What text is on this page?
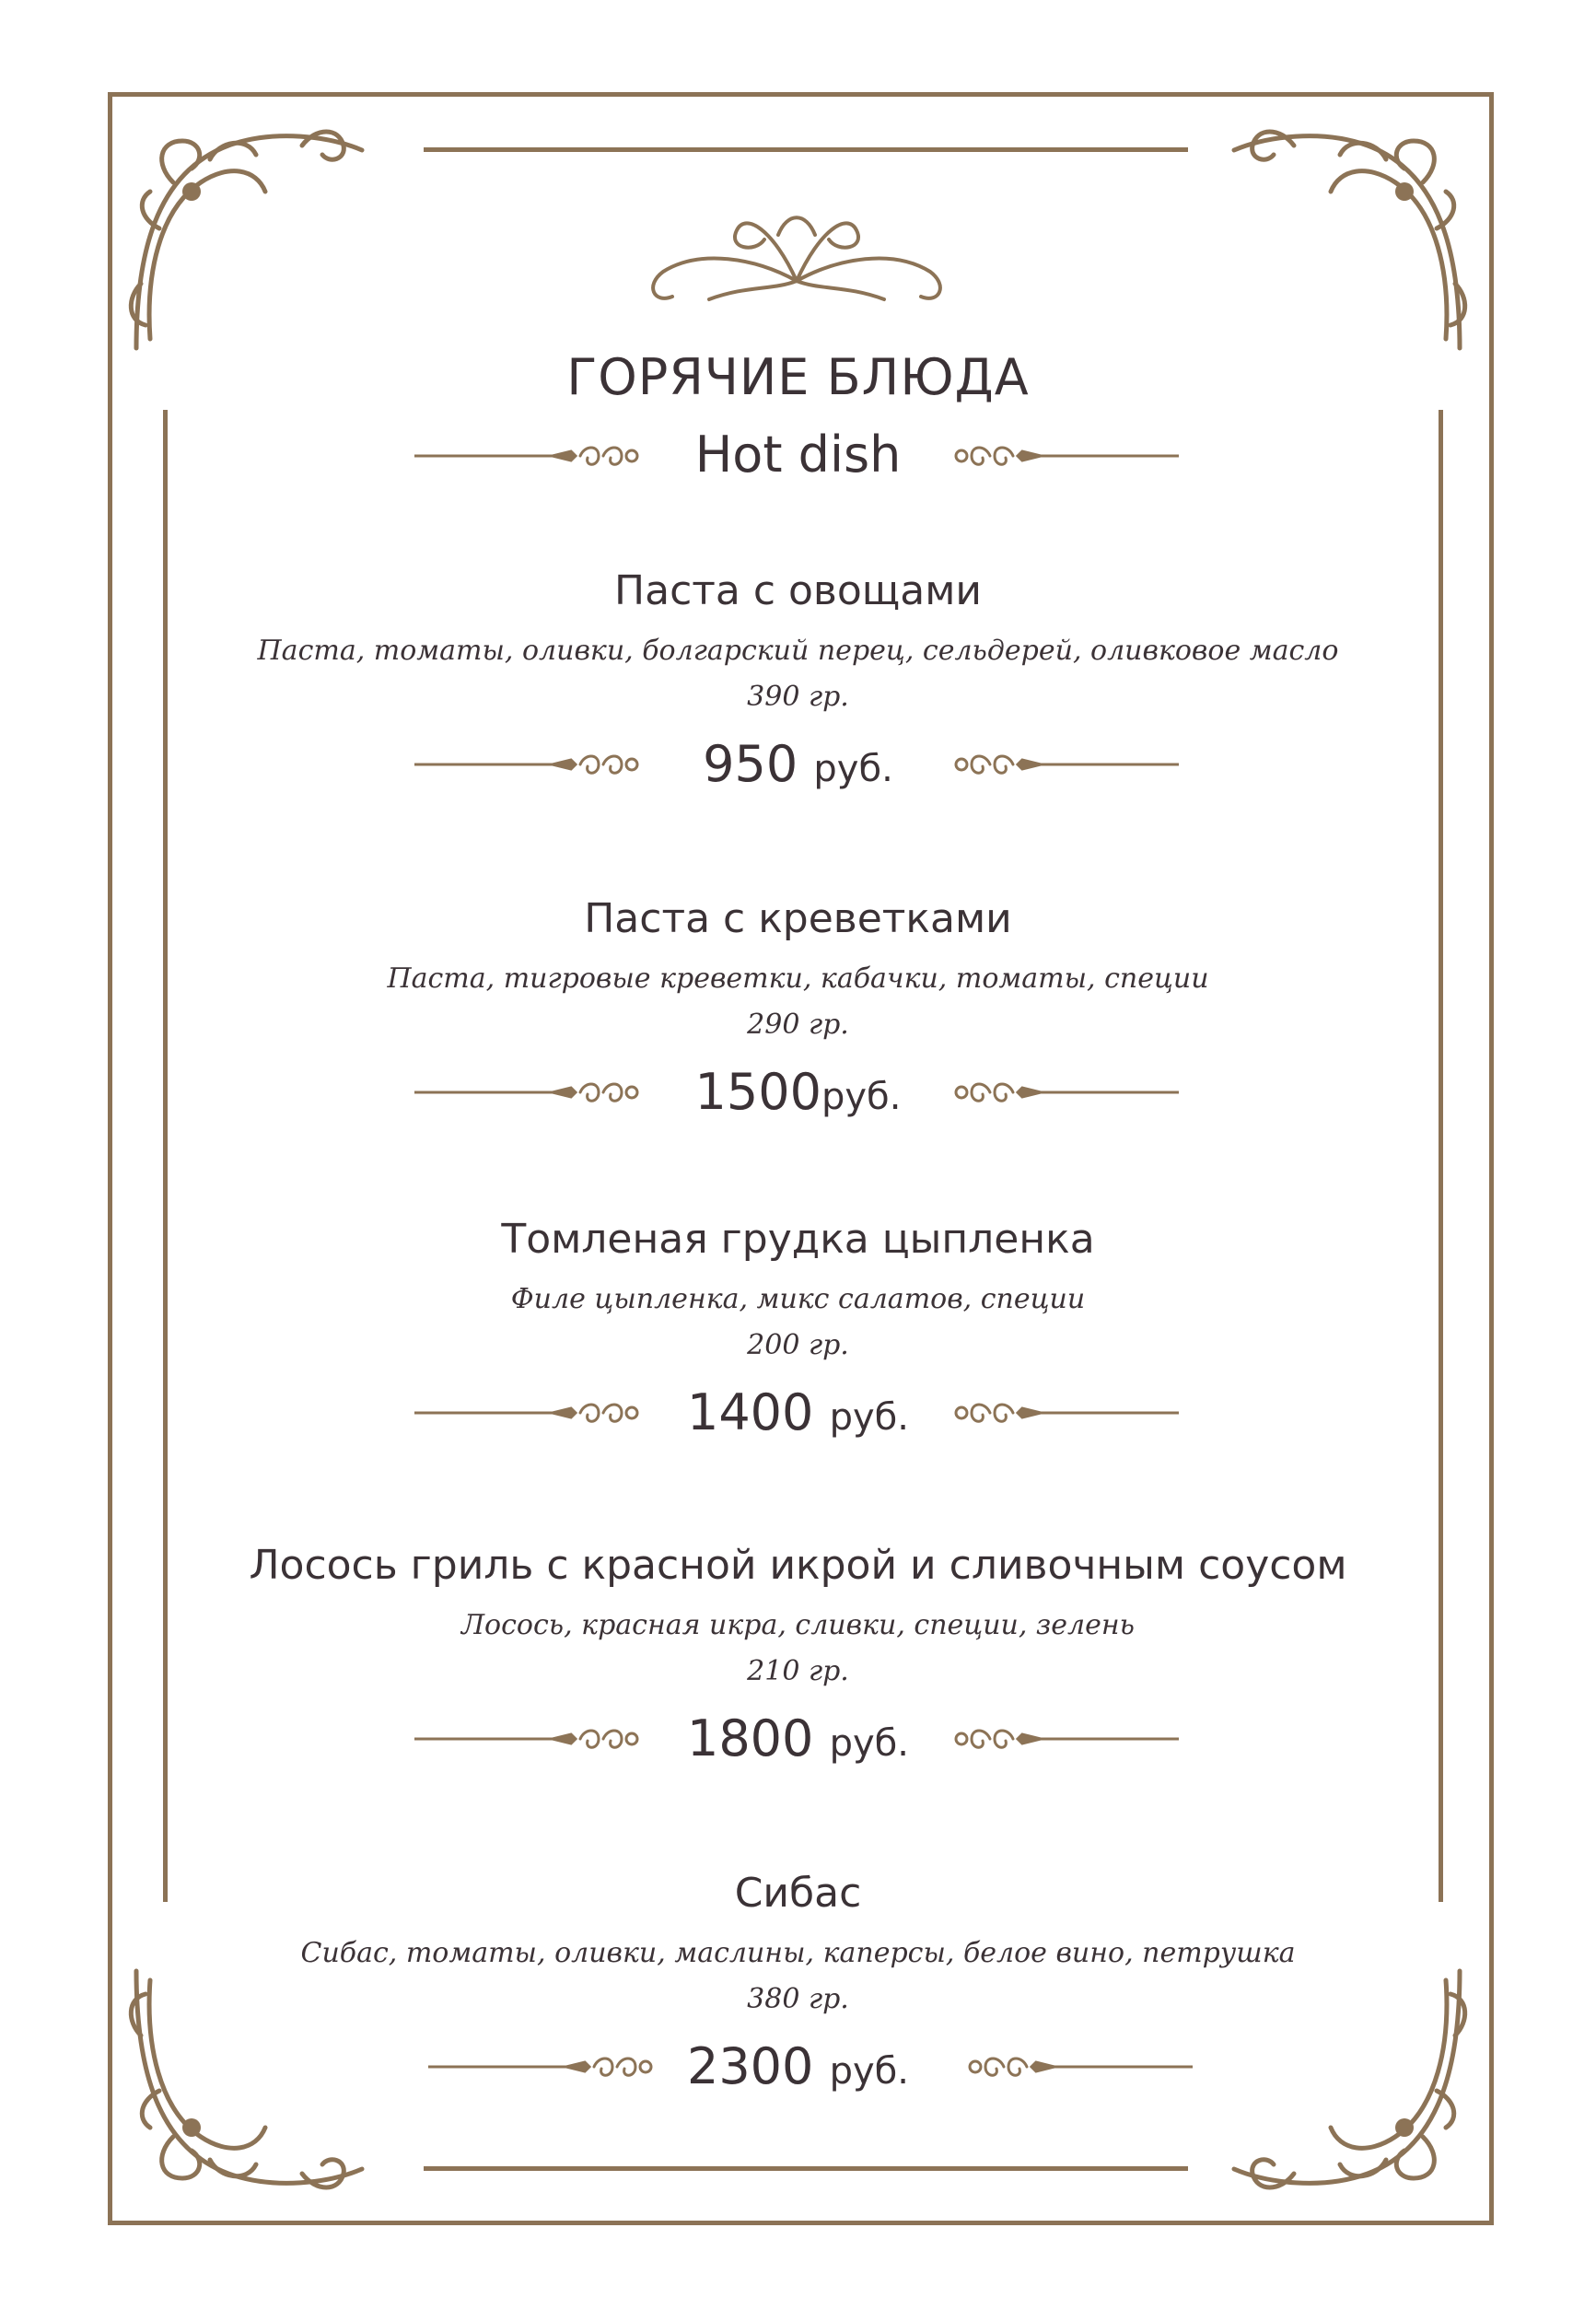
ГОРЯЧИЕ БЛЮДА
Hot dish
Паста с овощами
Паста, томаты, оливки, болгарский перец, сельдерей, оливковое масло
390 гр.
950 руб.
Паста с креветками
Паста, тигровые креветки, кабачки, томаты, специи
290 гр.
1500руб.
Томленая грудка цыпленка
Филе цыпленка, микс салатов, специи
200 гр.
1400 руб.
Лосось гриль с красной икрой и сливочным соусом
Лосось, красная икра, сливки, специи, зелень
210 гр.
1800 руб.
Сибас
Сибас, томаты, оливки, маслины, каперсы, белое вино, петрушка
380 гр.
2300 руб.
